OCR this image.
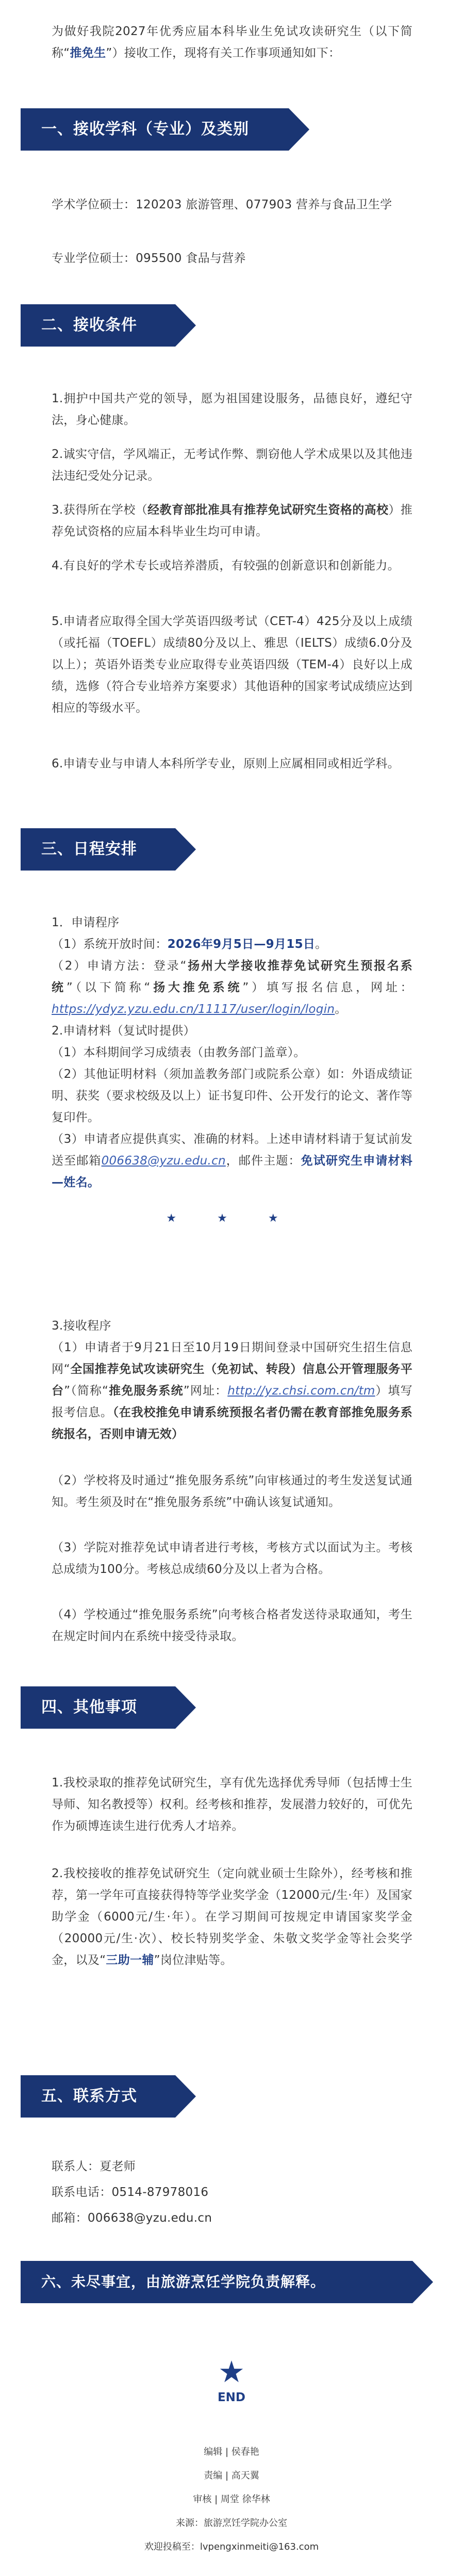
为做好我院2027年优秀应届本科毕业生免试攻读研究生（以下简称“推免生”）接收工作，现将有关工作事项通知如下：

一、接收学科（专业）及类别

学术学位硕士：120203 旅游管理、077903 营养与食品卫生学

专业学位硕士：095500 食品与营养

二、接收条件

1.拥护中国共产党的领导，愿为祖国建设服务，品德良好，遵纪守法，身心健康。

2.诚实守信，学风端正，无考试作弊、剽窃他人学术成果以及其他违法违纪受处分记录。

3.获得所在学校（经教育部批准具有推荐免试研究生资格的高校）推荐免试资格的应届本科毕业生均可申请。

4.有良好的学术专长或培养潜质，有较强的创新意识和创新能力。

5.申请者应取得全国大学英语四级考试（CET-4）425分及以上成绩（或托福（TOEFL）成绩80分及以上、雅思（IELTS）成绩6.0分及以上）；英语外语类专业应取得专业英语四级（TEM-4）良好以上成绩，选修（符合专业培养方案要求）其他语种的国家考试成绩应达到相应的等级水平。

6.申请专业与申请人本科所学专业，原则上应属相同或相近学科。

三、日程安排

1．申请程序

（1）系统开放时间：2026年9月5日—9月15日。

（2）申请方法：登录“扬州大学接收推荐免试研究生预报名系统”（以下简称“扬大推免系统”）填写报名信息，网址：https://ydyz.yzu.edu.cn/11117/user/login/login。

2.申请材料（复试时提供）

（1）本科期间学习成绩表（由教务部门盖章）。

（2）其他证明材料（须加盖教务部门或院系公章）如：外语成绩证明、获奖（要求校级及以上）证书复印件、公开发行的论文、著作等复印件。

（3）申请者应提供真实、准确的材料。上述申请材料请于复试前发送至邮箱006638@yzu.edu.cn，邮件主题：免试研究生申请材料—姓名。

★ ★ ★

3.接收程序

（1）申请者于9月21日至10月19日期间登录中国研究生招生信息网“全国推荐免试攻读研究生（免初试、转段）信息公开管理服务平台”（简称“推免服务系统”网址：http://yz.chsi.com.cn/tm）填写报考信息。（在我校推免申请系统预报名者仍需在教育部推免服务系统报名，否则申请无效）

（2）学校将及时通过“推免服务系统”向审核通过的考生发送复试通知。考生须及时在“推免服务系统”中确认该复试通知。

（3）学院对推荐免试申请者进行考核，考核方式以面试为主。考核总成绩为100分。考核总成绩60分及以上者为合格。

（4）学校通过“推免服务系统”向考核合格者发送待录取通知，考生在规定时间内在系统中接受待录取。

四、其他事项

1.我校录取的推荐免试研究生，享有优先选择优秀导师（包括博士生导师、知名教授等）权利。经考核和推荐，发展潜力较好的，可优先作为硕博连读生进行优秀人才培养。

2.我校接收的推荐免试研究生（定向就业硕士生除外），经考核和推荐，第一学年可直接获得特等学业奖学金（12000元/生·年）及国家助学金（6000元/生·年）。在学习期间可按规定申请国家奖学金（20000元/生·次）、校长特别奖学金、朱敬文奖学金等社会奖学金，以及“三助一辅”岗位津贴等。

五、联系方式

联系人：夏老师

联系电话：0514-87978016

邮箱：006638@yzu.edu.cn

六、未尽事宜，由旅游烹饪学院负责解释。
★
END
编辑 | 侯春艳
责编 | 高天翼
审核 | 周堂 徐华林
来源：旅游烹饪学院办公室
欢迎投稿至：lvpengxinmeiti@163.com
